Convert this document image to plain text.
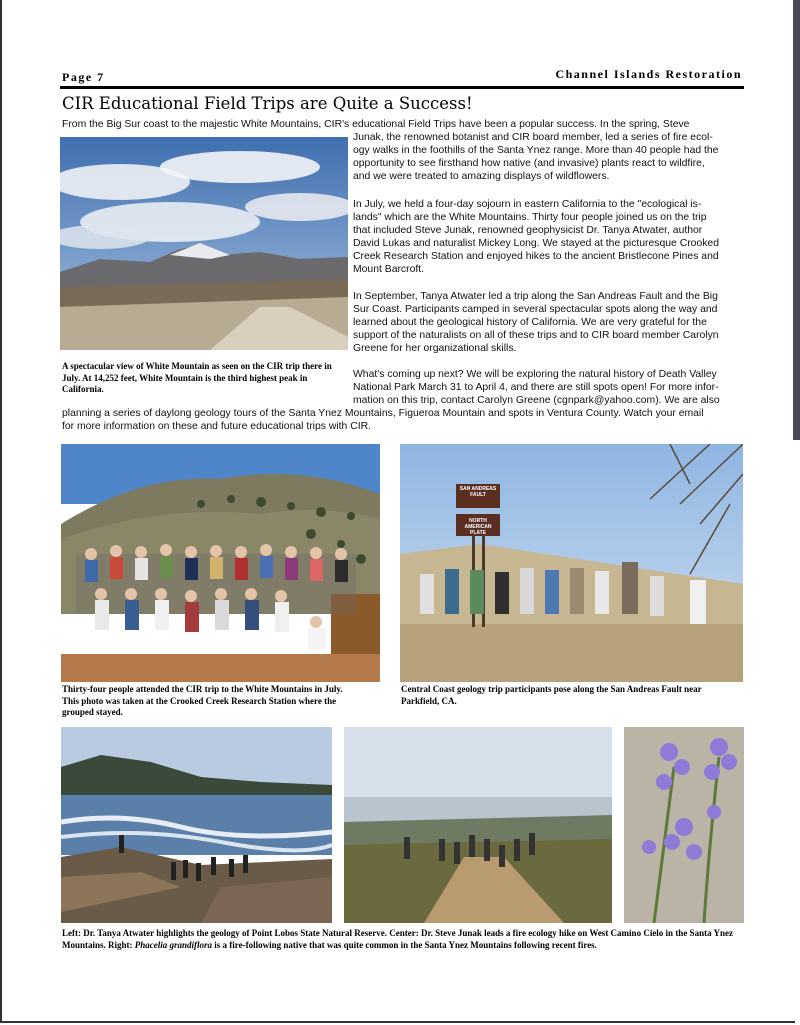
Page 7	Channel Islands Restoration
CIR Educational Field Trips are Quite a Success!
From the Big Sur coast to the majestic White Mountains, CIR's educational Field Trips have been a popular success. In the spring, Steve
Junak, the renowned botanist and CIR board member, led a series of fire ecol-
ogy walks in the foothills of the Santa Ynez range. More than 40 people had the
opportunity to see firsthand how native (and invasive) plants react to wildfire,
and we were treated to amazing displays of wildflowers.
In July, we held a four-day sojourn in eastern California to the "ecological is-
lands" which are the White Mountains. Thirty four people joined us on the trip
that included Steve Junak, renowned geophysicist Dr. Tanya Atwater, author
David Lukas and naturalist Mickey Long. We stayed at the picturesque Crooked
Creek Research Station and enjoyed hikes to the ancient Bristlecone Pines and
Mount Barcroft.
In September, Tanya Atwater led a trip along the San Andreas Fault and the Big
Sur Coast. Participants camped in several spectacular spots along the way and
learned about the geological history of California. We are very grateful for the
support of the naturalists on all of these trips and to CIR board member Carolyn
Greene for her organizational skills.
A spectacular view of White Mountain as seen on the CIR trip there in July. At 14,252 feet, White Mountain is the third highest peak in California.
What's coming up next? We will be exploring the natural history of Death Valley
National Park March 31 to April 4, and there are still spots open! For more infor-
mation on this trip, contact Carolyn Greene (cgnpark@yahoo.com). We are also
planning a series of daylong geology tours of the Santa Ynez Mountains, Figueroa Mountain and spots in Ventura County. Watch your email
for more information on these and future educational trips with CIR.
SAN ANDREAS
FAULT
NORTH AMERICAN
PLATE
Thirty-four people attended the CIR trip to the White Mountains in July. This photo was taken at the Crooked Creek Research Station where the grouped stayed.
Central Coast geology trip participants pose along the San Andreas Fault near Parkfield, CA.
Left: Dr. Tanya Atwater highlights the geology of Point Lobos State Natural Reserve. Center: Dr. Steve Junak leads a fire ecology hike on West Camino Cielo in the Santa Ynez Mountains. Right: Phacelia grandiflora is a fire-following native that was quite common in the Santa Ynez Mountains following recent fires.
